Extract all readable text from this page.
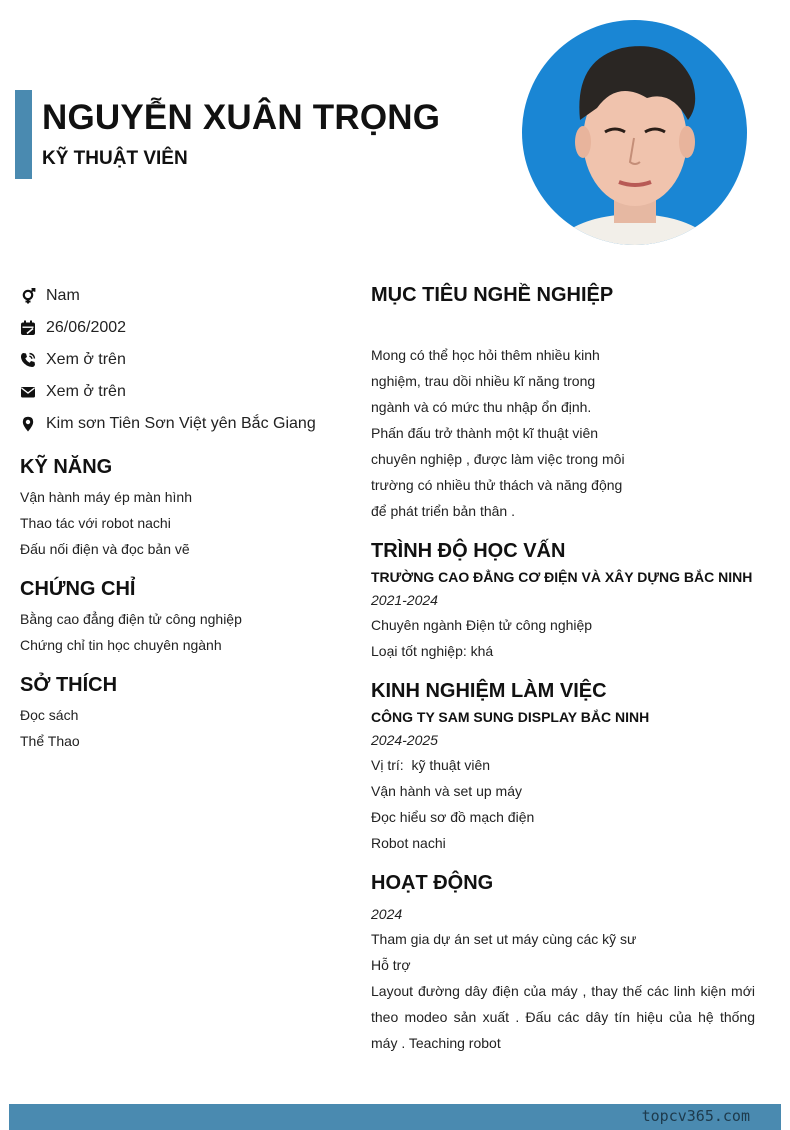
NGUYỄN XUÂN TRỌNG
KỸ THUẬT VIÊN
Nam
26/06/2002
Xem ở trên
Xem ở trên
Kim sơn Tiên Sơn Việt yên Bắc Giang
KỸ NĂNG
Vận hành máy ép màn hình
Thao tác với robot nachi
Đấu nối điện và đọc bản vẽ
CHỨNG CHỈ
Bằng cao đẳng điện tử công nghiệp
Chứng chỉ tin học chuyên ngành
SỞ THÍCH
Đọc sách
Thể Thao
MỤC TIÊU NGHỀ NGHIỆP
Mong có thể học hỏi thêm nhiều kinh
nghiệm, trau dồi nhiều kĩ năng trong
ngành và có mức thu nhập ổn định.
Phấn đấu trở thành một kĩ thuật viên
chuyên nghiệp , được làm việc trong môi
trường có nhiều thử thách và năng động
để phát triển bản thân .
TRÌNH ĐỘ HỌC VẤN
TRƯỜNG CAO ĐẲNG CƠ ĐIỆN VÀ XÂY DỰNG BẮC NINH
2021-2024
Chuyên ngành Điện tử công nghiệp
Loại tốt nghiệp: khá
KINH NGHIỆM LÀM VIỆC
CÔNG TY SAM SUNG DISPLAY BẮC NINH
2024-2025
Vị trí:  kỹ thuật viên
Vận hành và set up máy
Đọc hiểu sơ đồ mạch điện
Robot nachi
HOẠT ĐỘNG
2024
Tham gia dự án set ut máy cùng các kỹ sư
Hỗ trợ
Layout đường dây điện của máy , thay thế các linh kiện mới theo modeo sản xuất . Đấu các dây tín hiệu của hệ thống máy . Teaching robot
topcv365.com
